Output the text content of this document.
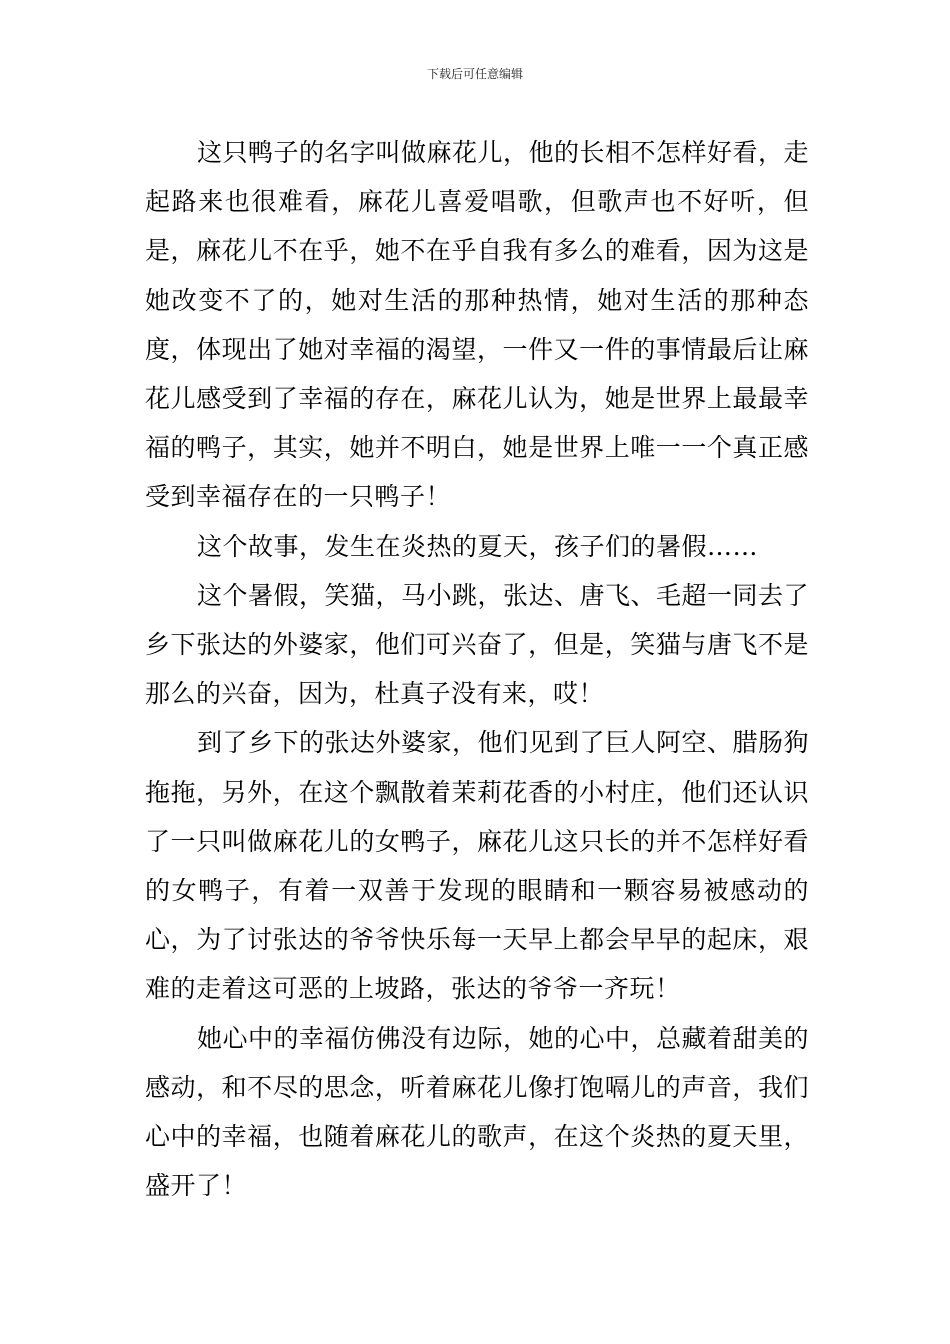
下载后可任意编辑

这只鸭子的名字叫做麻花儿，他的长相不怎样好看，走起路来也很难看，麻花儿喜爱唱歌，但歌声也不好听，但是，麻花儿不在乎，她不在乎自我有多么的难看，因为这是她改变不了的，她对生活的那种热情，她对生活的那种态度，体现出了她对幸福的渴望，一件又一件的事情最后让麻花儿感受到了幸福的存在，麻花儿认为，她是世界上最最幸福的鸭子，其实，她并不明白，她是世界上唯一一个真正感受到幸福存在的一只鸭子！

这个故事，发生在炎热的夏天，孩子们的暑假……

这个暑假，笑猫，马小跳，张达、唐飞、毛超一同去了乡下张达的外婆家，他们可兴奋了，但是，笑猫与唐飞不是那么的兴奋，因为，杜真子没有来，哎！

到了乡下的张达外婆家，他们见到了巨人阿空、腊肠狗拖拖，另外，在这个飘散着茉莉花香的小村庄，他们还认识了一只叫做麻花儿的女鸭子，麻花儿这只长的并不怎样好看的女鸭子，有着一双善于发现的眼睛和一颗容易被感动的心，为了讨张达的爷爷快乐每一天早上都会早早的起床，艰难的走着这可恶的上坡路，张达的爷爷一齐玩！

她心中的幸福仿佛没有边际，她的心中，总藏着甜美的感动，和不尽的思念，听着麻花儿像打饱嗝儿的声音，我们心中的幸福，也随着麻花儿的歌声，在这个炎热的夏天里，盛开了！
